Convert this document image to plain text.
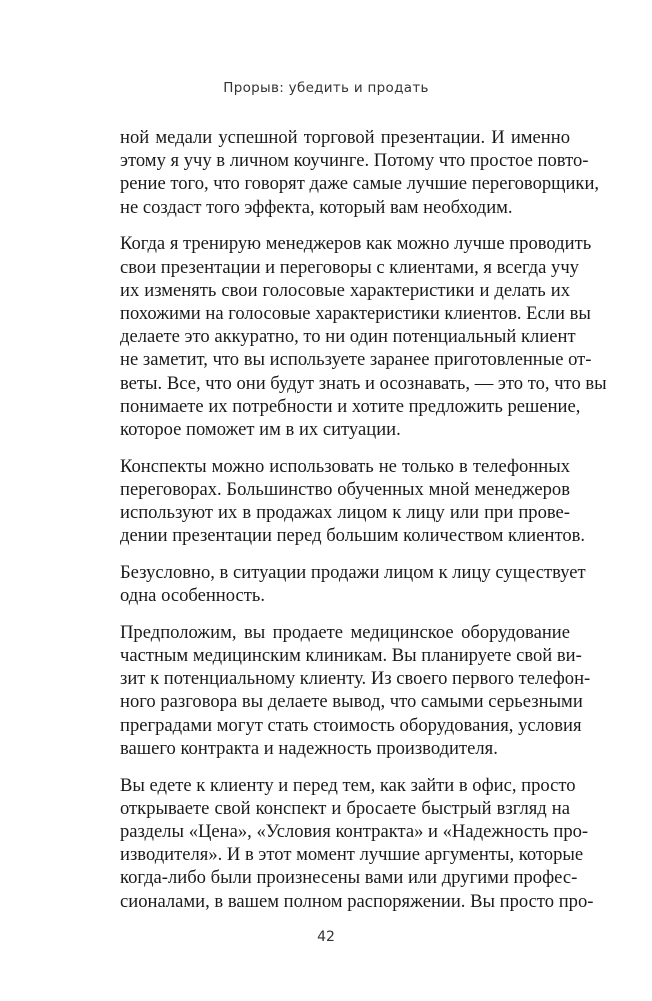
Прорыв: убедить и продать

ной медали успешной торговой презентации. И именно
этому я учу в личном коучинге. Потому что простое повто-
рение того, что говорят даже самые лучшие переговорщики,
не создаст того эффекта, который вам необходим.

Когда я тренирую менеджеров как можно лучше проводить
свои презентации и переговоры с клиентами, я всегда учу
их изменять свои голосовые характеристики и делать их
похожими на голосовые характеристики клиентов. Если вы
делаете это аккуратно, то ни один потенциальный клиент
не заметит, что вы используете заранее приготовленные от-
веты. Все, что они будут знать и осознавать, — это то, что вы
понимаете их потребности и хотите предложить решение,
которое поможет им в их ситуации.

Конспекты можно использовать не только в телефонных
переговорах. Большинство обученных мной менеджеров
используют их в продажах лицом к лицу или при прове-
дении презентации перед большим количеством клиентов.

Безусловно, в ситуации продажи лицом к лицу существует
одна особенность.

Предположим, вы продаете медицинское оборудование
частным медицинским клиникам. Вы планируете свой ви-
зит к потенциальному клиенту. Из своего первого телефон-
ного разговора вы делаете вывод, что самыми серьезными
преградами могут стать стоимость оборудования, условия
вашего контракта и надежность производителя.

Вы едете к клиенту и перед тем, как зайти в офис, просто
открываете свой конспект и бросаете быстрый взгляд на
разделы «Цена», «Условия контракта» и «Надежность про-
изводителя». И в этот момент лучшие аргументы, которые
когда-либо были произнесены вами или другими профес-
сионалами, в вашем полном распоряжении. Вы просто про-

42
